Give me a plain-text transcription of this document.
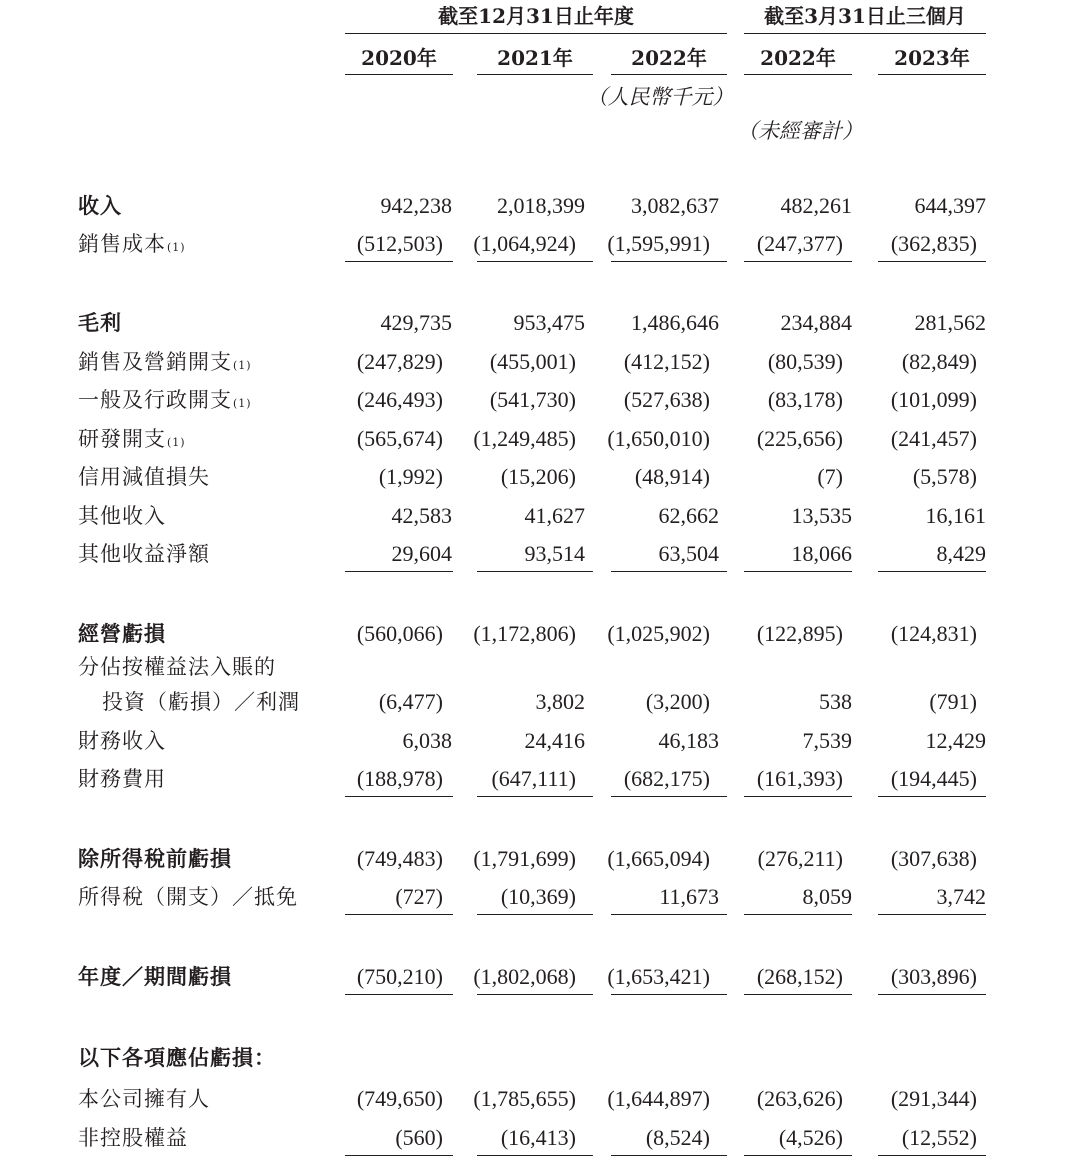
截至12月31日止年度	截至3月31日止三個月
2020年	2021年	2022年	2022年	2023年
（人民幣千元）
（未經審計）
收入	942,238 2,018,399 3,082,637	482,261	644,397
銷售成本$^{(1)}$	(512,503) (1,064,924) (1,595,991) (247,377) (362,835)
毛利	429,735	953,475 1,486,646	234,884	281,562
銷售及營銷開支$^{(1)}$	(247,829) (455,001) (412,152)	(80,539)	(82,849)
一般及行政開支$^{(1)}$	(246,493) (541,730) (527,638)	(83,178) (101,099)
研發開支$^{(1)}$	(565,674) (1,249,485) (1,650,010) (225,656) (241,457)
信用減值損失	(1,992)	(15,206)	(48,914)	(7)	(5,578)
其他收入	42,583	41,627	62,662	13,535	16,161
其他收益淨額	29,604	93,514	63,504	18,066	8,429
經營虧損	(560,066) (1,172,806) (1,025,902) (122,895) (124,831)
分佔按權益法入賬的
投資（虧損）／利潤	(6,477)	3,802	(3,200)	538	(791)
財務收入	6,038	24,416	46,183	7,539	12,429
財務費用	(188,978) (647,111) (682,175) (161,393) (194,445)
除所得稅前虧損	(749,483) (1,791,699) (1,665,094) (276,211) (307,638)
所得稅（開支）／抵免	(727)	(10,369)	11,673	8,059	3,742
年度／期間虧損	(750,210) (1,802,068) (1,653,421) (268,152) (303,896)
以下各項應佔虧損：
本公司擁有人	(749,650) (1,785,655) (1,644,897) (263,626) (291,344)
非控股權益	(560)	(16,413)	(8,524)	(4,526)	(12,552)
